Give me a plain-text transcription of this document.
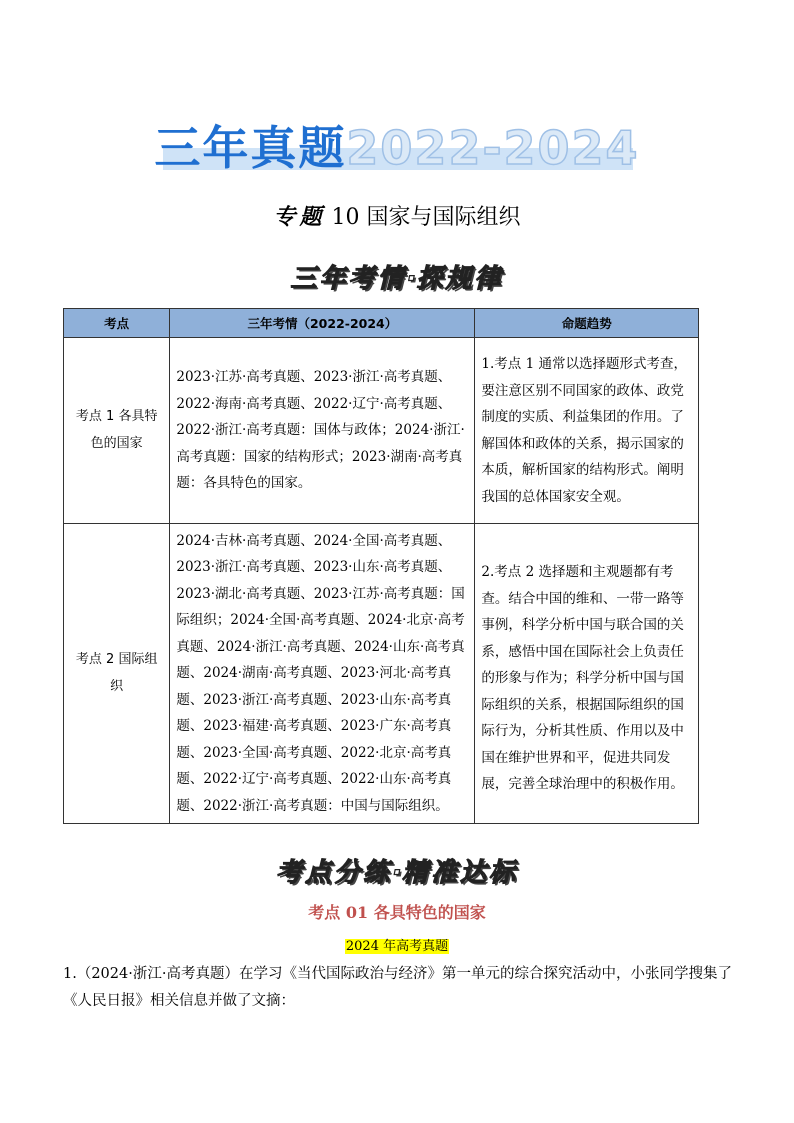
三年真题2022-2024
专题 10 国家与国际组织
三年考情·探规律
考点	三年考情（2022-2024）	命题趋势
考点 1 各具特色的国家	2023·江苏·高考真题、2023·浙江·高考真题、2022·海南·高考真题、2022·辽宁·高考真题、2022·浙江·高考真题：国体与政体；2024·浙江·高考真题：国家的结构形式；2023·湖南·高考真题：各具特色的国家。	1.考点 1 通常以选择题形式考查，要注意区别不同国家的政体、政党制度的实质、利益集团的作用。了解国体和政体的关系，揭示国家的本质，解析国家的结构形式。阐明我国的总体国家安全观。
考点 2 国际组织	2024·吉林·高考真题、2024·全国·高考真题、2023·浙江·高考真题、2023·山东·高考真题、2023·湖北·高考真题、2023·江苏·高考真题：国际组织；2024·全国·高考真题、2024·北京·高考真题、2024·浙江·高考真题、2024·山东·高考真题、2024·湖南·高考真题、2023·河北·高考真题、2023·浙江·高考真题、2023·山东·高考真题、2023·福建·高考真题、2023·广东·高考真题、2023·全国·高考真题、2022·北京·高考真题、2022·辽宁·高考真题、2022·山东·高考真题、2022·浙江·高考真题：中国与国际组织。	2.考点 2 选择题和主观题都有考查。结合中国的维和、一带一路等事例，科学分析中国与联合国的关系，感悟中国在国际社会上负责任的形象与作为；科学分析中国与国际组织的关系，根据国际组织的国际行为，分析其性质、作用以及中国在维护世界和平，促进共同发展，完善全球治理中的积极作用。
考点分练·精准达标
考点 01 各具特色的国家
2024 年高考真题
1.（2024·浙江·高考真题）在学习《当代国际政治与经济》第一单元的综合探究活动中，小张同学搜集了《人民日报》相关信息并做了文摘：
